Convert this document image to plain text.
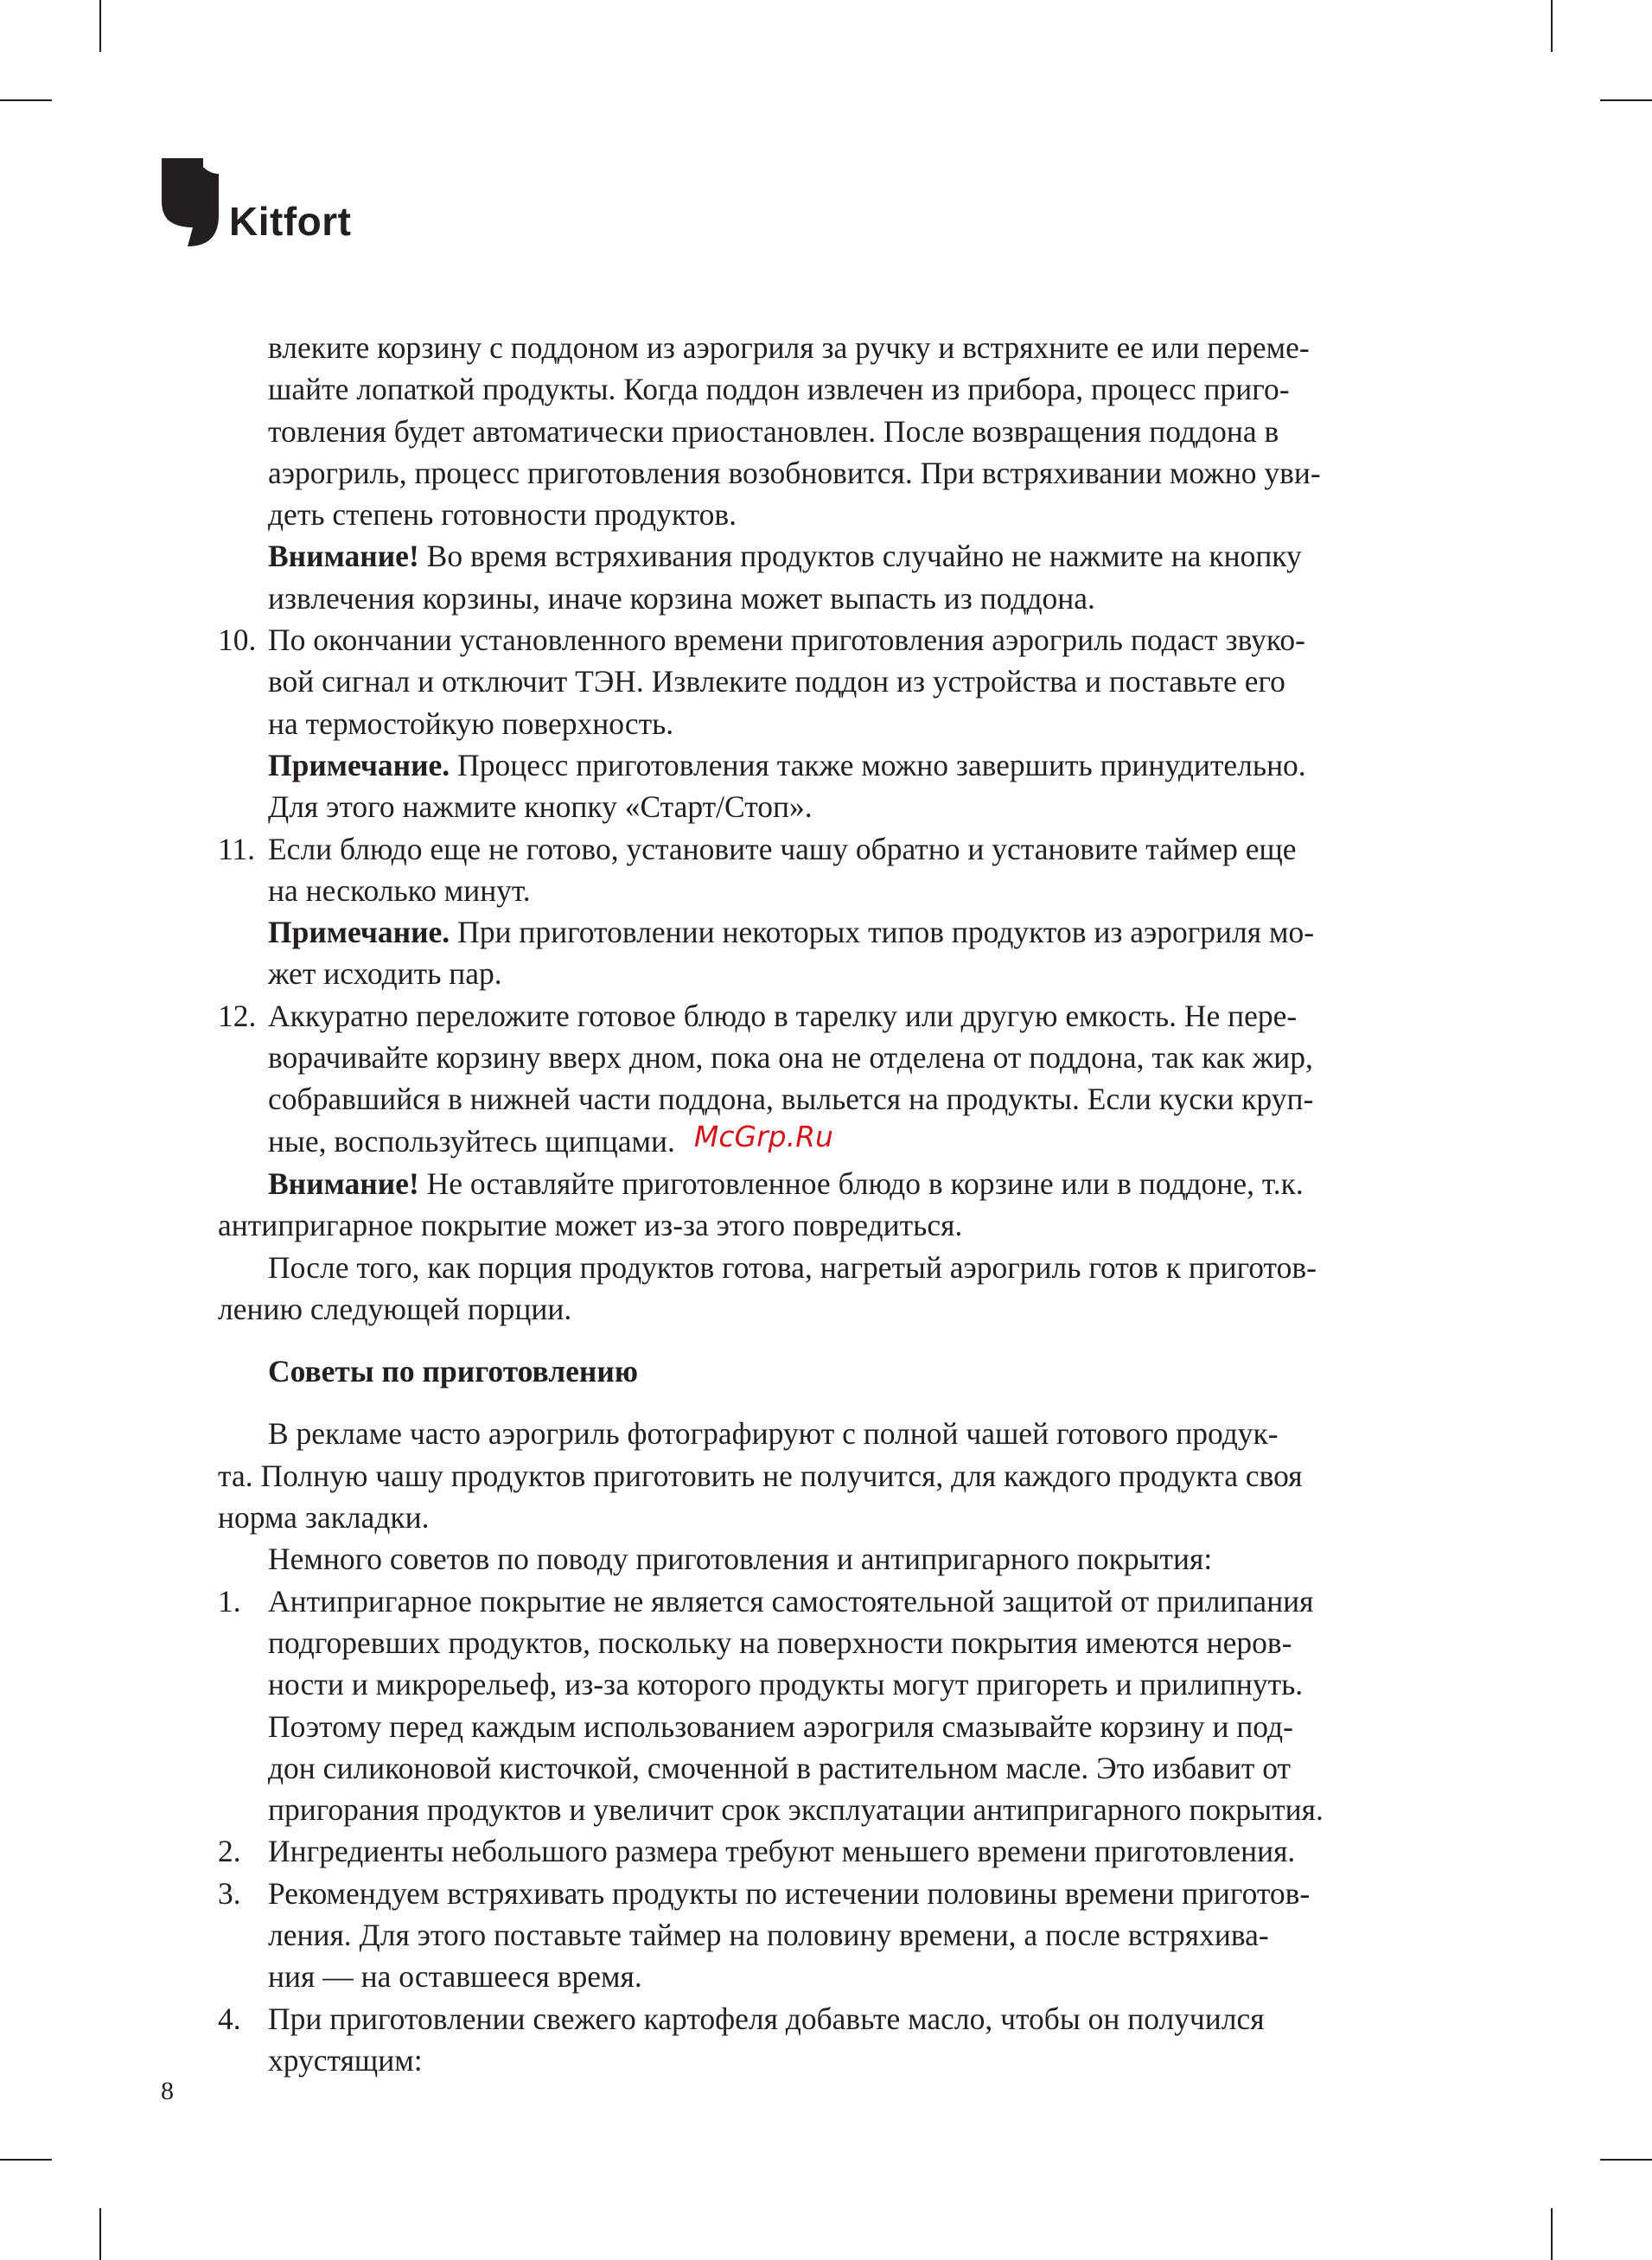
Kitfort
влеките корзину с поддоном из аэрогриля за ручку и встряхните ее или переме-
шайте лопаткой продукты. Когда поддон извлечен из прибора, процесс приго-
товления будет автоматически приостановлен. После возвращения поддона в
аэрогриль, процесс приготовления возобновится. При встряхивании можно уви-
деть степень готовности продуктов.
Внимание! Во время встряхивания продуктов случайно не нажмите на кнопку
извлечения корзины, иначе корзина может выпасть из поддона.
10. По окончании установленного времени приготовления аэрогриль подаст звуко-
вой сигнал и отключит ТЭН. Извлеките поддон из устройства и поставьте его
на термостойкую поверхность.
Примечание. Процесс приготовления также можно завершить принудительно.
Для этого нажмите кнопку «Старт/Стоп».
11. Если блюдо еще не готово, установите чашу обратно и установите таймер еще
на несколько минут.
Примечание. При приготовлении некоторых типов продуктов из аэрогриля мо-
жет исходить пар.
12. Аккуратно переложите готовое блюдо в тарелку или другую емкость. Не пере-
ворачивайте корзину вверх дном, пока она не отделена от поддона, так как жир,
собравшийся в нижней части поддона, выльется на продукты. Если куски круп-
ные, воспользуйтесь щипцами. McGrp.Ru
Внимание! Не оставляйте приготовленное блюдо в корзине или в поддоне, т.к.
антипригарное покрытие может из-за этого повредиться.
После того, как порция продуктов готова, нагретый аэрогриль готов к приготов-
лению следующей порции.
Советы по приготовлению
В рекламе часто аэрогриль фотографируют с полной чашей готового продук-
та. Полную чашу продуктов приготовить не получится, для каждого продукта своя
норма закладки.
Немного советов по поводу приготовления и антипригарного покрытия:
1. Антипригарное покрытие не является самостоятельной защитой от прилипания
подгоревших продуктов, поскольку на поверхности покрытия имеются неров-
ности и микрорельеф, из-за которого продукты могут пригореть и прилипнуть.
Поэтому перед каждым использованием аэрогриля смазывайте корзину и под-
дон силиконовой кисточкой, смоченной в растительном масле. Это избавит от
пригорания продуктов и увеличит срок эксплуатации антипригарного покрытия.
2. Ингредиенты небольшого размера требуют меньшего времени приготовления.
3. Рекомендуем встряхивать продукты по истечении половины времени приготов-
ления. Для этого поставьте таймер на половину времени, а после встряхива-
ния — на оставшееся время.
4. При приготовлении свежего картофеля добавьте масло, чтобы он получился
хрустящим:
8
